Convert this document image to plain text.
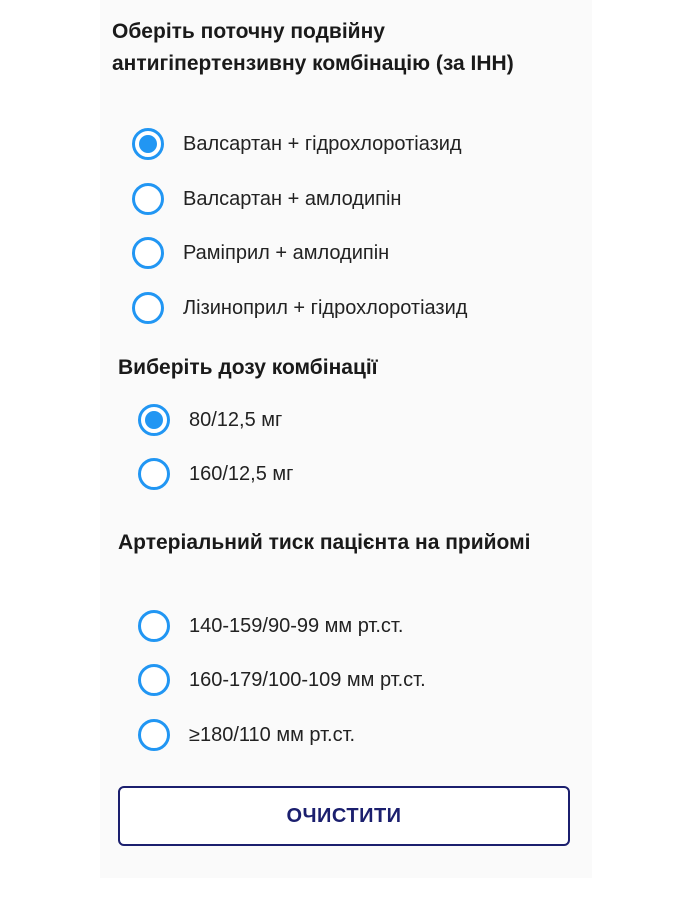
Оберіть поточну подвійну антигіпертензивну комбінацію (за ІНН)
Валсартан + гідрохлоротіазид
Валсартан + амлодипін
Раміприл + амлодипін
Лізиноприл + гідрохлоротіазид
Виберіть дозу комбінації
80/12,5 мг
160/12,5 мг
Артеріальний тиск пацієнта на прийомі
140-159/90-99 мм рт.ст.
160-179/100-109 мм рт.ст.
≥180/110 мм рт.ст.
ОЧИСТИТИ
